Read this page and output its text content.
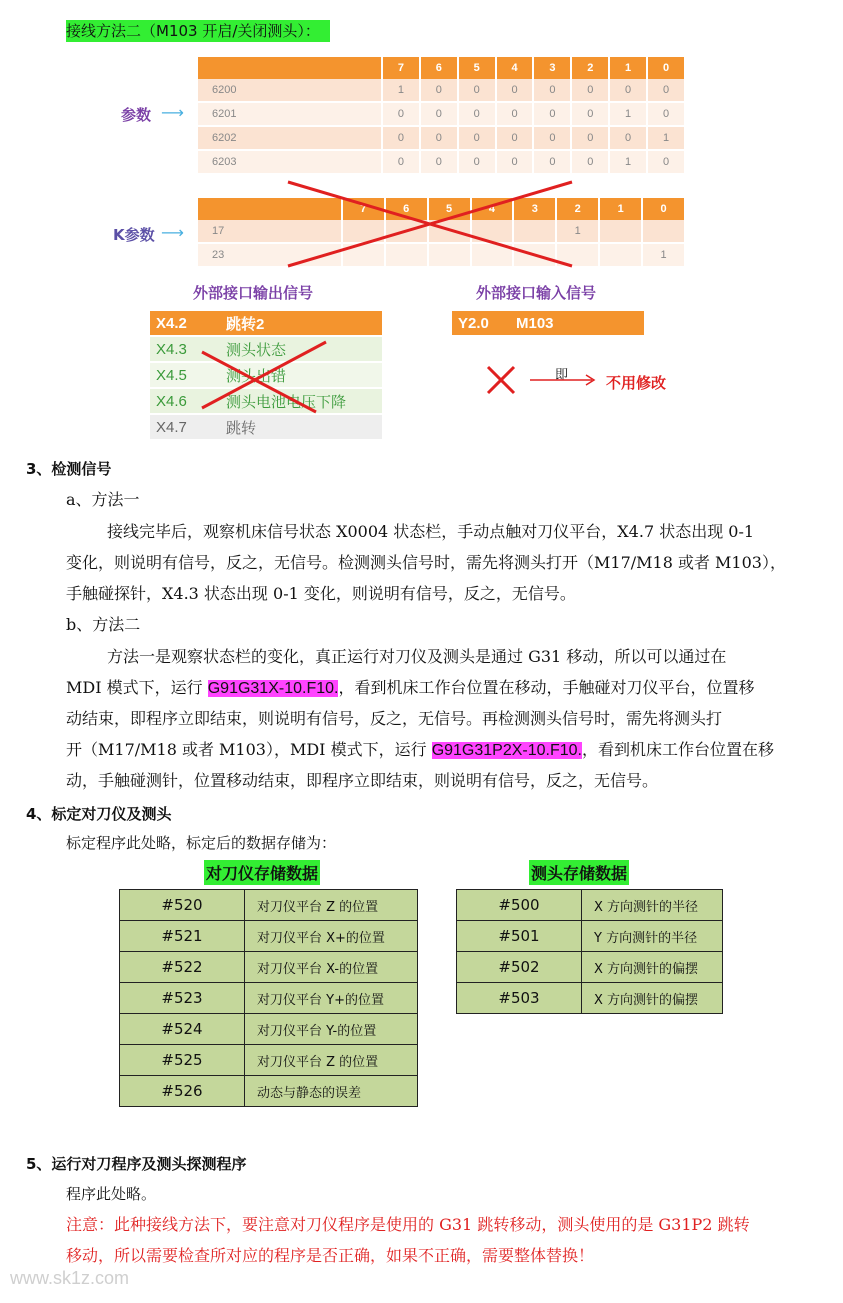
接线方法二（M103 开启/关闭测头）：
参数 ⟶
	7	6	5	4	3	2	1	0
6200	1	0	0	0	0	0	0	0
6201	0	0	0	0	0	0	1	0
6202	0	0	0	0	0	0	0	1
6203	0	0	0	0	0	0	1	0
K参数 ⟶
	7	6	5	4	3	2	1	0
17						1		
23								1
外部接口输出信号	外部接口输入信号
X4.2	跳转2
X4.3	测头状态
X4.5	测头出错
X4.6	测头电池电压下降
X4.7	跳转
Y2.0	M103
即	不用修改
3、检测信号
a、方法一
接线完毕后，观察机床信号状态 X0004 状态栏，手动点触对刀仪平台，X4.7 状态出现 0-1
变化，则说明有信号，反之，无信号。检测测头信号时，需先将测头打开（M17/M18 或者 M103），
手触碰探针，X4.3 状态出现 0-1 变化，则说明有信号，反之，无信号。
b、方法二
方法一是观察状态栏的变化，真正运行对刀仪及测头是通过 G31 移动，所以可以通过在
MDI 模式下，运行 G91G31X-10.F10.，看到机床工作台位置在移动，手触碰对刀仪平台，位置移
动结束，即程序立即结束，则说明有信号，反之，无信号。再检测测头信号时，需先将测头打
开（M17/M18 或者 M103），MDI 模式下，运行 G91G31P2X-10.F10.，看到机床工作台位置在移
动，手触碰测针，位置移动结束，即程序立即结束，则说明有信号，反之，无信号。
4、标定对刀仪及测头
标定程序此处略，标定后的数据存储为：
对刀仪存储数据	测头存储数据
#520	对刀仪平台 Z 的位置
#521	对刀仪平台 X+的位置
#522	对刀仪平台 X-的位置
#523	对刀仪平台 Y+的位置
#524	对刀仪平台 Y-的位置
#525	对刀仪平台 Z 的位置
#526	动态与静态的误差
#500	X 方向测针的半径
#501	Y 方向测针的半径
#502	X 方向测针的偏摆
#503	X 方向测针的偏摆
5、运行对刀程序及测头探测程序
程序此处略。
注意：此种接线方法下，要注意对刀仪程序是使用的 G31 跳转移动，测头使用的是 G31P2 跳转
移动，所以需要检查所对应的程序是否正确，如果不正确，需要整体替换！
www.sk1z.com
